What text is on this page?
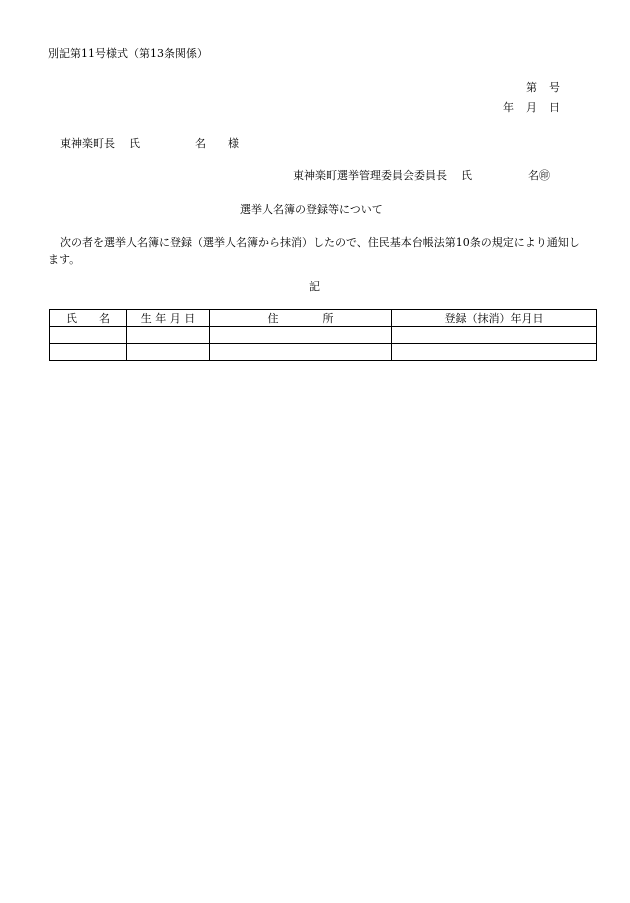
別記第11号様式（第13条関係）
第 号
年 月 日
東神楽町長 氏	名 様
東神楽町選挙管理委員会委員長 氏	名㊞
選挙人名簿の登録等について
次の者を選挙人名簿に登録（選挙人名簿から抹消）したので、住民基本台帳法第10条の規定により通知します。
記
氏　　名	生 年 月 日	住　　　　所	登録（抹消）年月日
